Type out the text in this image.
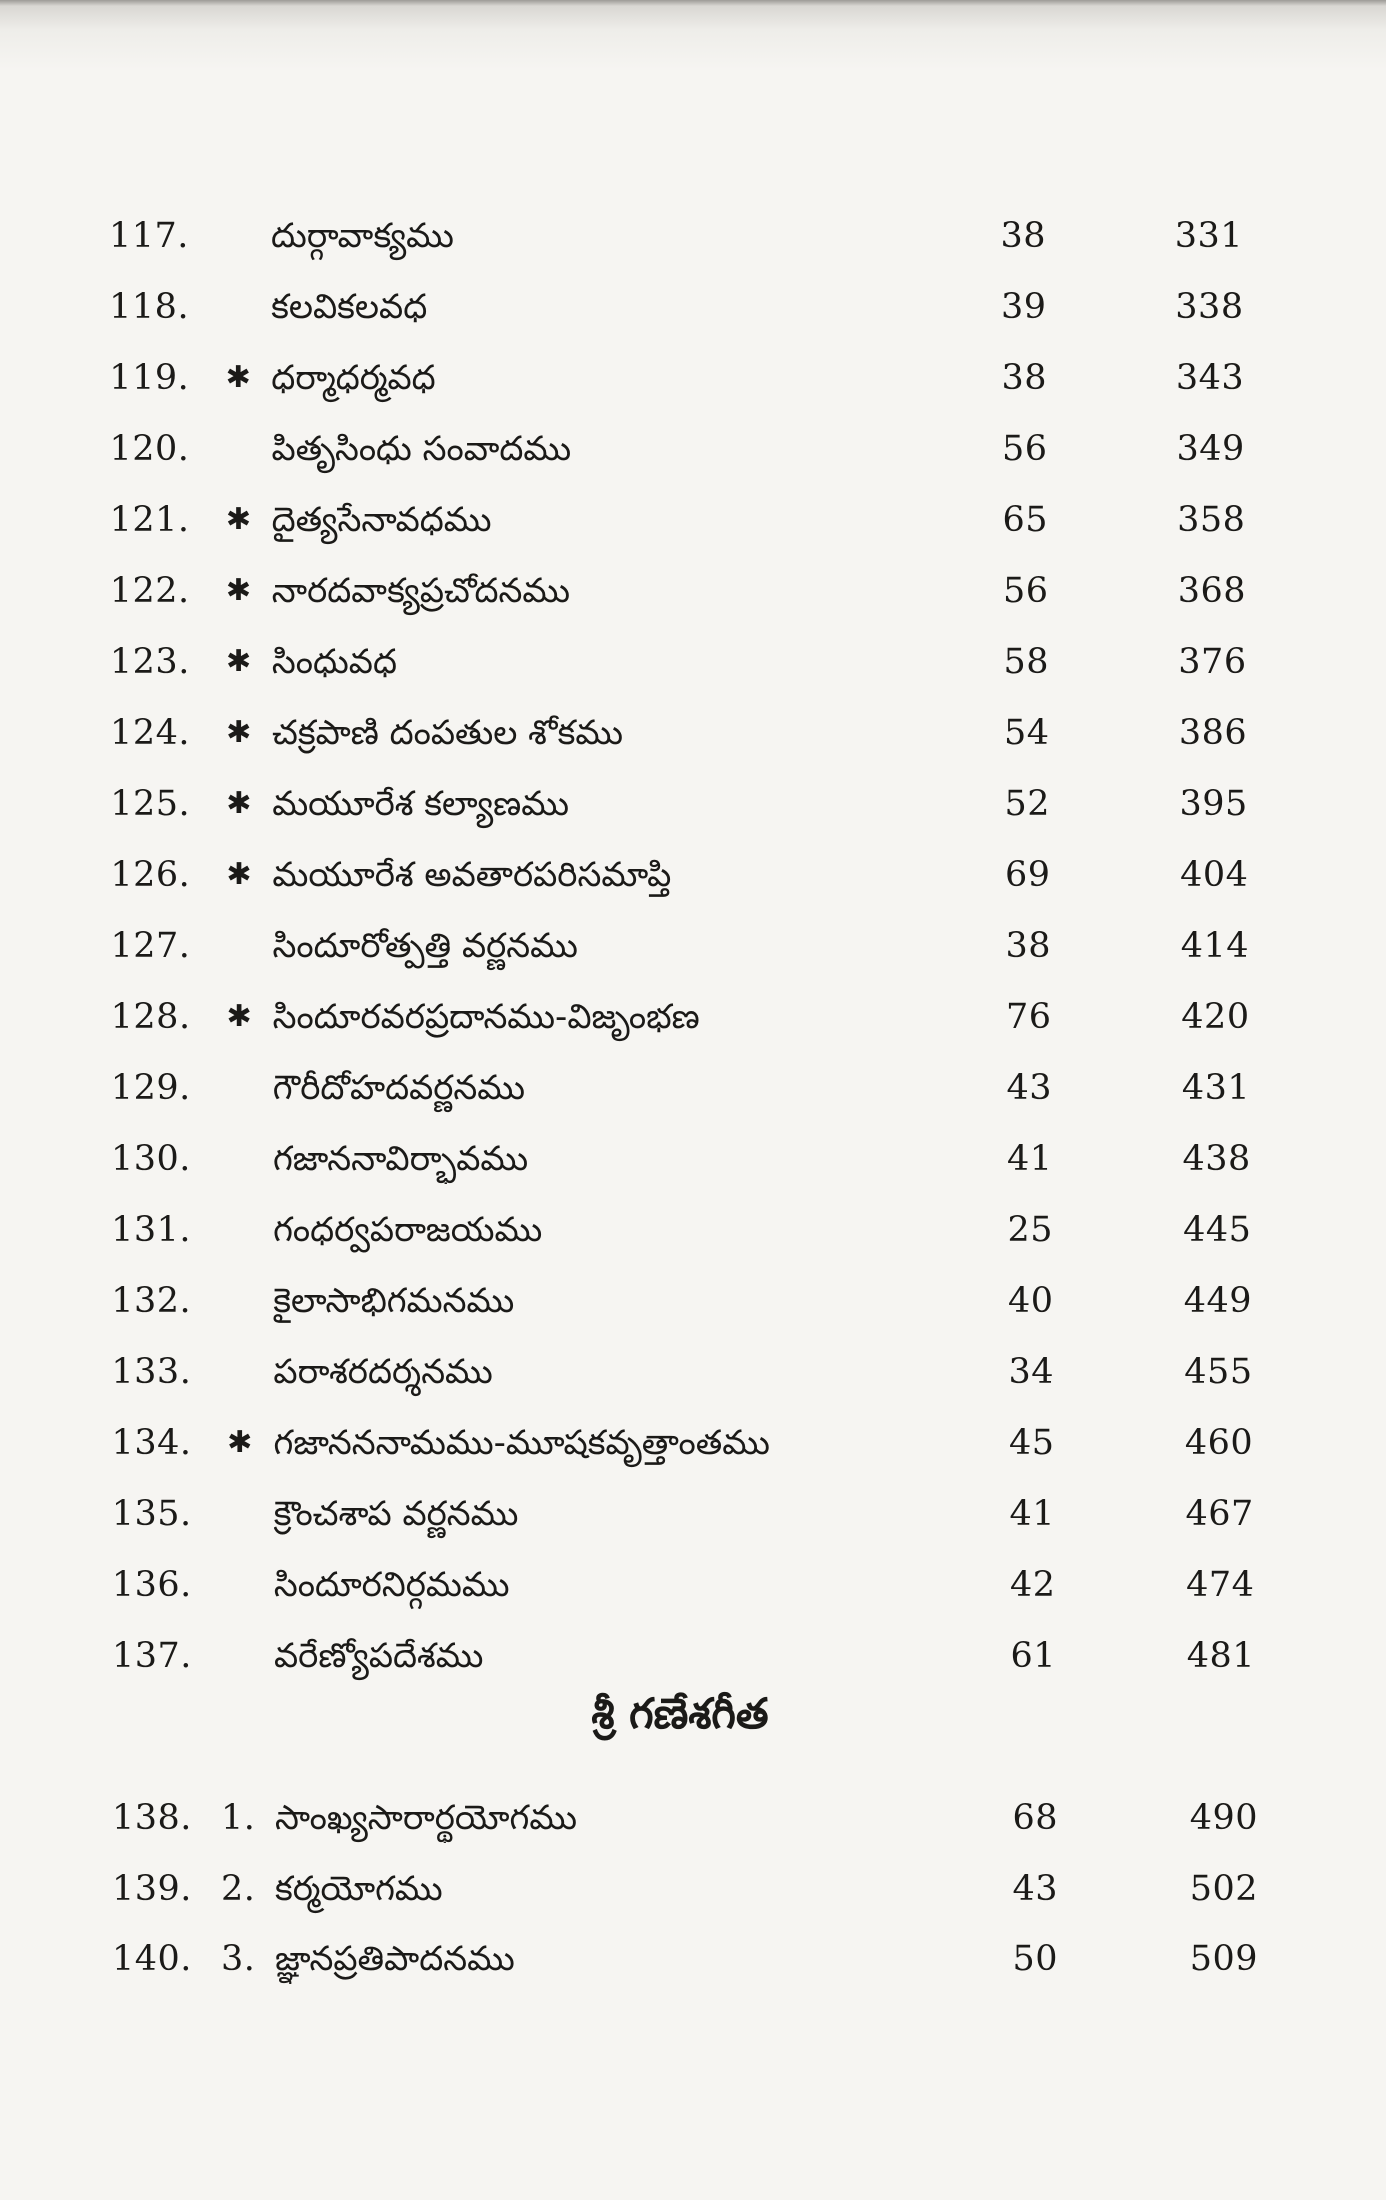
117. దుర్గావాక్యము	38	331
118. కలవికలవధ	39	338
119. ✱ ధర్మాధర్మవధ	38	343
120. పితృసింధు సంవాదము	56	349
121. ✱ దైత్యసేనావధము	65	358
122. ✱ నారదవాక్యప్రచోదనము	56	368
123. ✱ సింధువధ	58	376
124. ✱ చక్రపాణి దంపతుల శోకము	54	386
125. ✱ మయూరేశ కల్యాణము	52	395
126. ✱ మయూరేశ అవతారపరిసమాప్తి	69	404
127. సిందూరోత్పత్తి వర్ణనము	38	414
128. ✱ సిందూరవరప్రదానము-విజృంభణ	76	420
129. గౌరీదోహదవర్ణనము	43	431
130. గజాననావిర్భావము	41	438
131. గంధర్వపరాజయము	25	445
132. కైలాసాభిగమనము	40	449
133. పరాశరదర్శనము	34	455
134. ✱ గజానననామము-మూషకవృత్తాంతము	45	460
135. క్రౌంచశాప వర్ణనము	41	467
136. సిందూరనిర్గమము	42	474
137. వరేణ్యోపదేశము	61	481
శ్రీ గణేశగీత
138. 1. సాంఖ్యసారార్థయోగము	68	490
139. 2. కర్మయోగము	43	502
140. 3. జ్ఞానప్రతిపాదనము	50	509
